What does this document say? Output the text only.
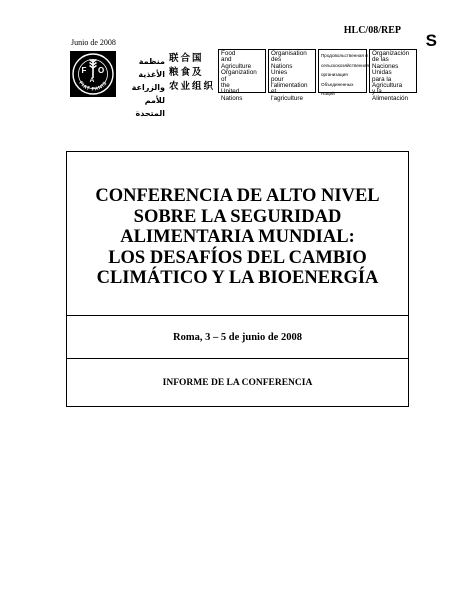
HLC/08/REP
S
Junio de 2008
FIAT PANIS
F O
A
منظمة الأغذية
والزراعة
للأمم المتحدة
联合国
粮食及
农业组织
Food
and
Agriculture
Organization
of
the
United
Nations
Organisation
des
Nations
Unies
pour
l'alimentation
et
l'agriculture
Продовольственная и
сельскохозяйственная
организация
Объединенных
Наций
Organización
de las
Naciones
Unidas
para la
Agricultura
y la
Alimentación
CONFERENCIA DE ALTO NIVEL
SOBRE LA SEGURIDAD
ALIMENTARIA MUNDIAL:
LOS DESAFÍOS DEL CAMBIO
CLIMÁTICO Y LA BIOENERGÍA
Roma, 3 – 5 de junio de 2008
INFORME DE LA CONFERENCIA
